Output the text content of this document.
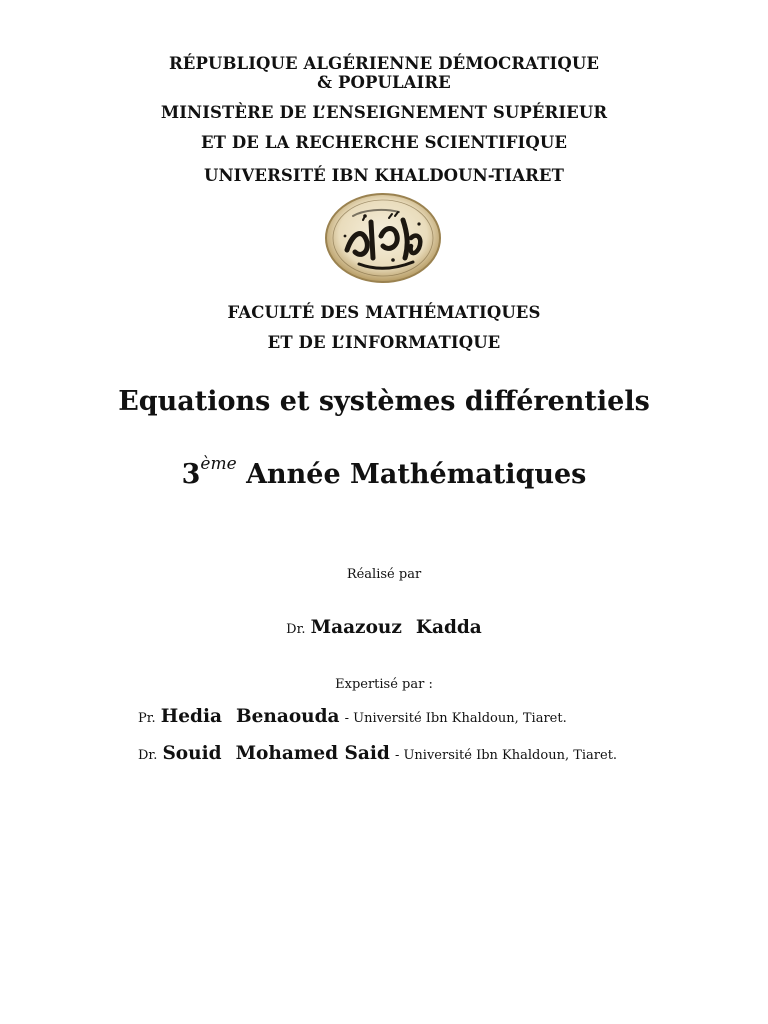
RÉPUBLIQUE ALGÉRIENNE DÉMOCRATIQUE
& POPULAIRE
MINISTÈRE DE L’ENSEIGNEMENT SUPÉRIEUR
ET DE LA RECHERCHE SCIENTIFIQUE
UNIVERSITÉ IBN KHALDOUN-TIARET
FACULTÉ DES MATHÉMATIQUES
ET DE L’INFORMATIQUE
Equations et systèmes différentiels
3ème Année Mathématiques
Réalisé par
Dr. Maazouz Kadda
Expertisé par :
Pr. Hedia Benaouda - Université Ibn Khaldoun, Tiaret.
Dr. Souid Mohamed Said - Université Ibn Khaldoun, Tiaret.
